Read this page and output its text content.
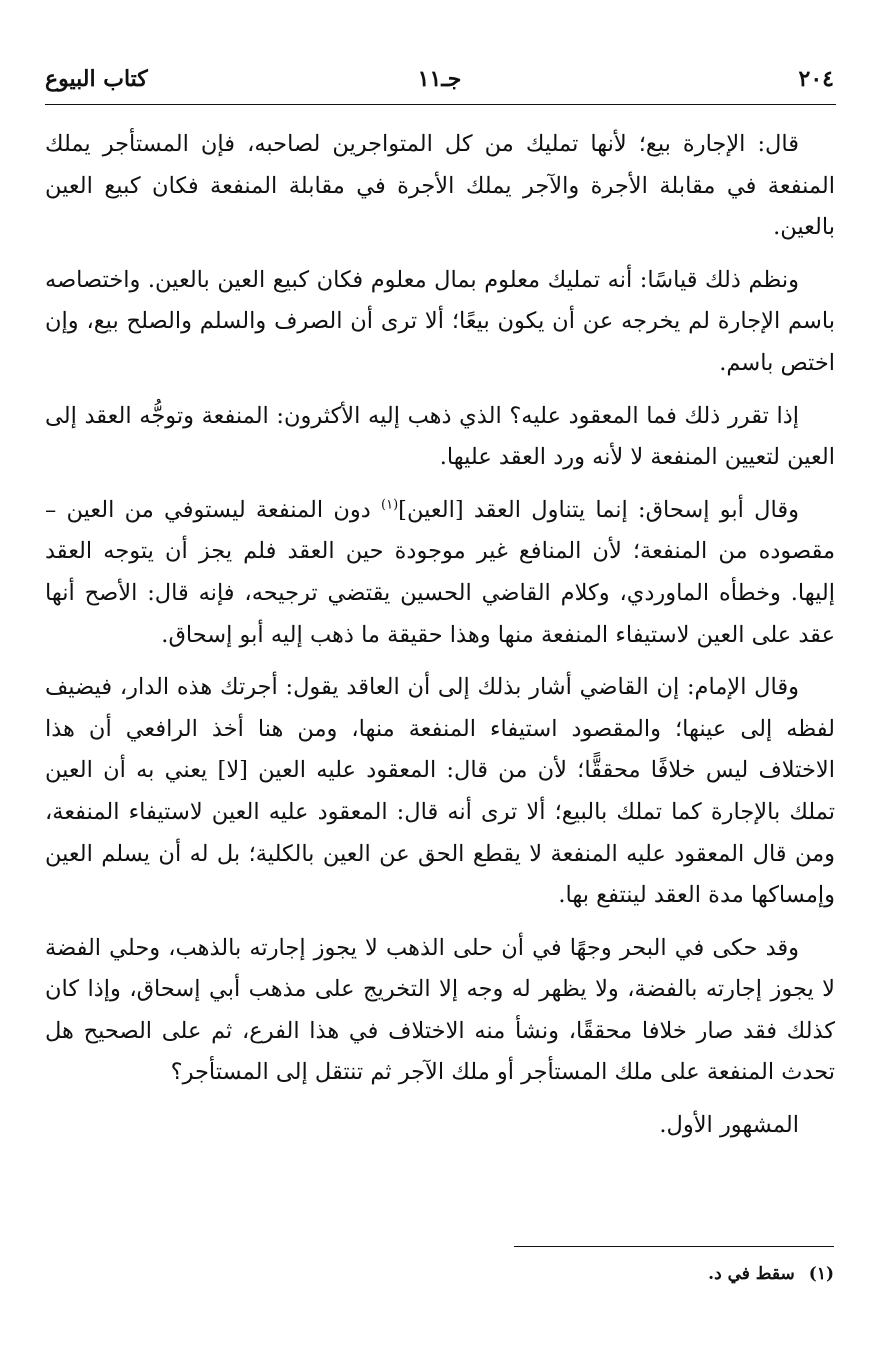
٢٠٤
جـ١١
كتاب البيوع

قال: الإجارة بيع؛ لأنها تمليك من كل المتواجرين لصاحبه، فإن المستأجر يملك المنفعة في مقابلة الأجرة والآجر يملك الأجرة في مقابلة المنفعة فكان كبيع العين بالعين.

ونظم ذلك قياسًا: أنه تمليك معلوم بمال معلوم فكان كبيع العين بالعين. واختصاصه باسم الإجارة لم يخرجه عن أن يكون بيعًا؛ ألا ترى أن الصرف والسلم والصلح بيع، وإن اختص باسم.

إذا تقرر ذلك فما المعقود عليه؟ الذي ذهب إليه الأكثرون: المنفعة وتوجُّه العقد إلى العين لتعيين المنفعة لا لأنه ورد العقد عليها.

وقال أبو إسحاق: إنما يتناول العقد [العين]$^{(١)}$ دون المنفعة ليستوفي من العين – مقصوده من المنفعة؛ لأن المنافع غير موجودة حين العقد فلم يجز أن يتوجه العقد إليها. وخطأه الماوردي، وكلام القاضي الحسين يقتضي ترجيحه، فإنه قال: الأصح أنها عقد على العين لاستيفاء المنفعة منها وهذا حقيقة ما ذهب إليه أبو إسحاق.

وقال الإمام: إن القاضي أشار بذلك إلى أن العاقد يقول: أجرتك هذه الدار، فيضيف لفظه إلى عينها؛ والمقصود استيفاء المنفعة منها، ومن هنا أخذ الرافعي أن هذا الاختلاف ليس خلافًا محققًّا؛ لأن من قال: المعقود عليه العين [لا] يعني به أن العين تملك بالإجارة كما تملك بالبيع؛ ألا ترى أنه قال: المعقود عليه العين لاستيفاء المنفعة، ومن قال المعقود عليه المنفعة لا يقطع الحق عن العين بالكلية؛ بل له أن يسلم العين وإمساكها مدة العقد لينتفع بها.

وقد حكى في البحر وجهًا في أن حلى الذهب لا يجوز إجارته بالذهب، وحلي الفضة لا يجوز إجارته بالفضة، ولا يظهر له وجه إلا التخريج على مذهب أبي إسحاق، وإذا كان كذلك فقد صار خلافا محققًا، ونشأ منه الاختلاف في هذا الفرع، ثم على الصحيح هل تحدث المنفعة على ملك المستأجر أو ملك الآجر ثم تنتقل إلى المستأجر؟

المشهور الأول.

(١)سقط في د.
